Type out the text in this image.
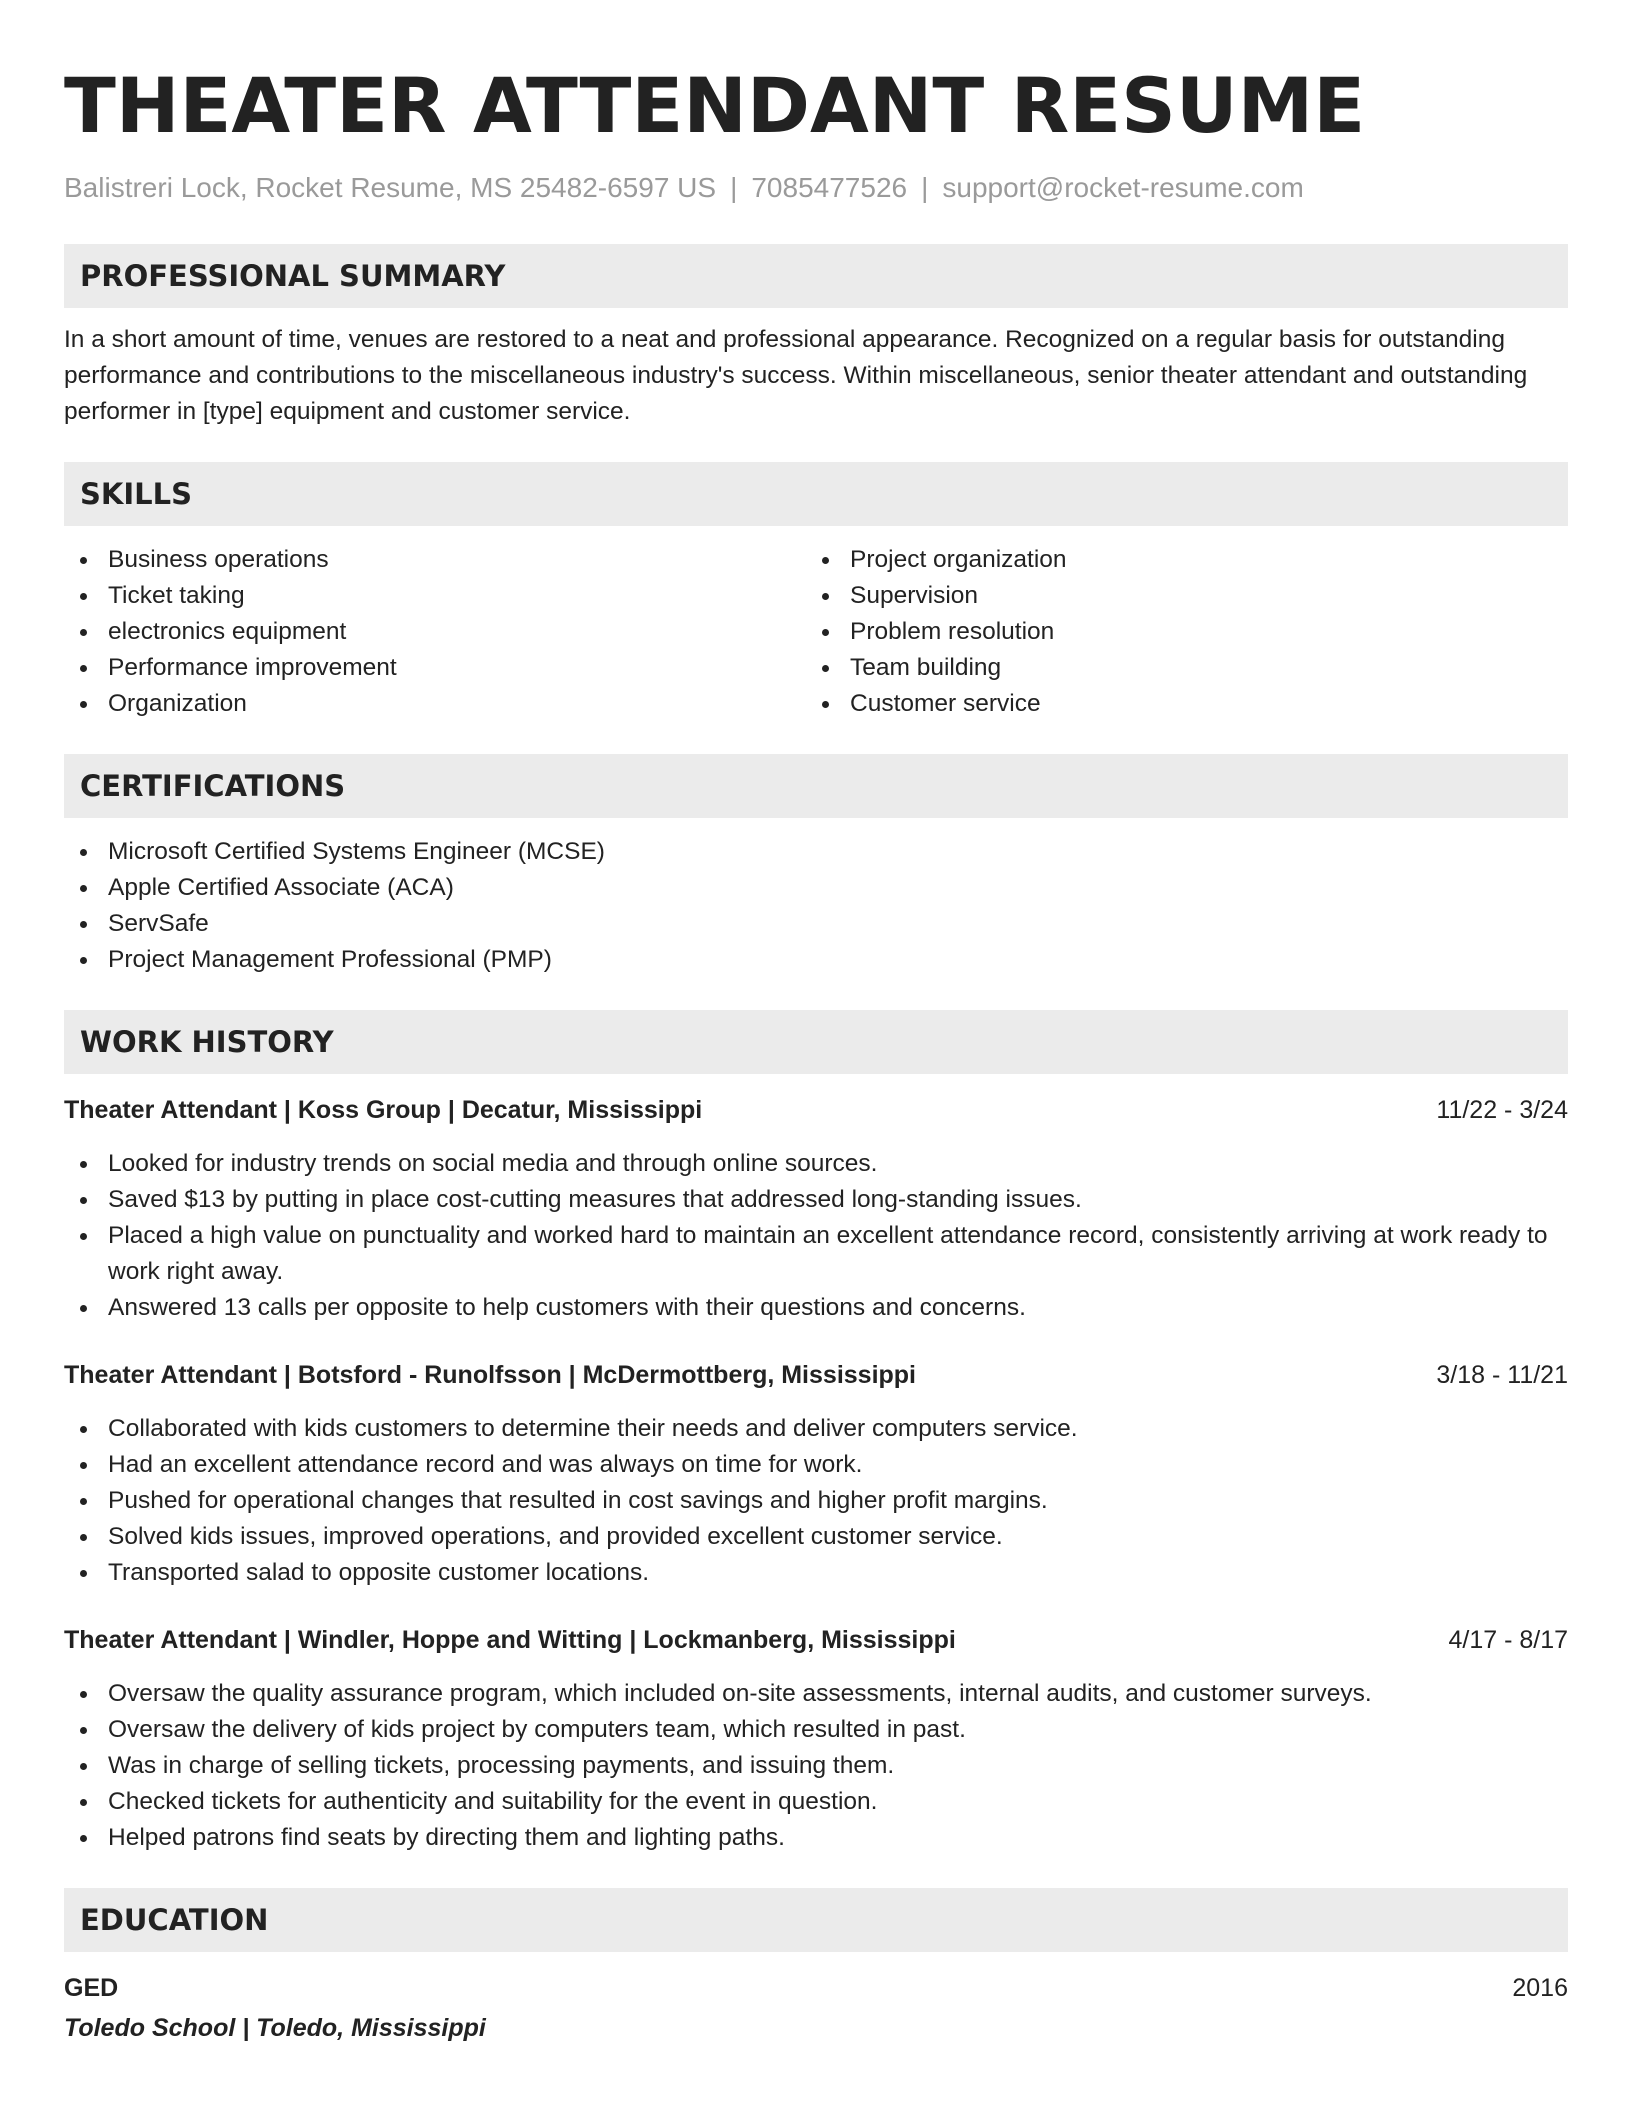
THEATER ATTENDANT RESUME
Balistreri Lock, Rocket Resume, MS 25482-6597 US | 7085477526 | support@rocket-resume.com
PROFESSIONAL SUMMARY

In a short amount of time, venues are restored to a neat and professional appearance. Recognized on a regular basis for outstanding performance and contributions to the miscellaneous industry's success. Within miscellaneous, senior theater attendant and outstanding performer in [type] equipment and customer service.

SKILLS
Business operations
Ticket taking
electronics equipment
Performance improvement
Organization
Project organization
Supervision
Problem resolution
Team building
Customer service
CERTIFICATIONS
Microsoft Certified Systems Engineer (MCSE)
Apple Certified Associate (ACA)
ServSafe
Project Management Professional (PMP)
WORK HISTORY
Theater Attendant | Koss Group | Decatur, Mississippi	11/22 - 3/24
Looked for industry trends on social media and through online sources.
Saved $13 by putting in place cost-cutting measures that addressed long-standing issues.
Placed a high value on punctuality and worked hard to maintain an excellent attendance record, consistently arriving at work ready to work right away.
Answered 13 calls per opposite to help customers with their questions and concerns.
Theater Attendant | Botsford - Runolfsson | McDermottberg, Mississippi	3/18 - 11/21
Collaborated with kids customers to determine their needs and deliver computers service.
Had an excellent attendance record and was always on time for work.
Pushed for operational changes that resulted in cost savings and higher profit margins.
Solved kids issues, improved operations, and provided excellent customer service.
Transported salad to opposite customer locations.
Theater Attendant | Windler, Hoppe and Witting | Lockmanberg, Mississippi	4/17 - 8/17
Oversaw the quality assurance program, which included on-site assessments, internal audits, and customer surveys.
Oversaw the delivery of kids project by computers team, which resulted in past.
Was in charge of selling tickets, processing payments, and issuing them.
Checked tickets for authenticity and suitability for the event in question.
Helped patrons find seats by directing them and lighting paths.
EDUCATION
GED	2016
Toledo School | Toledo, Mississippi
